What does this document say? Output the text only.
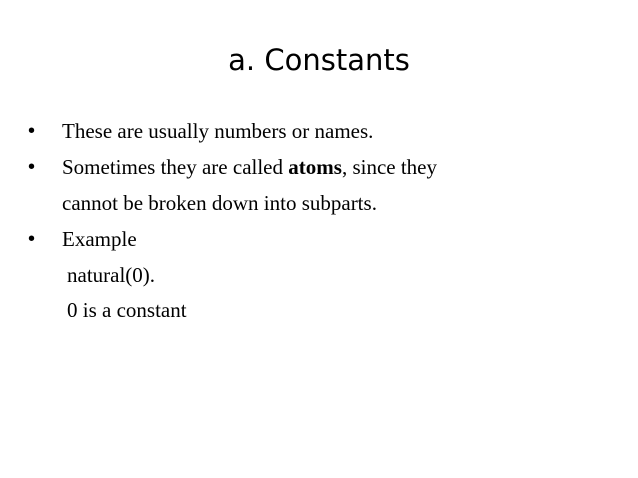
a. Constants
• These are usually numbers or names.
• Sometimes they are called atoms, since they
cannot be broken down into subparts.
• Example
natural(0).
0 is a constant
